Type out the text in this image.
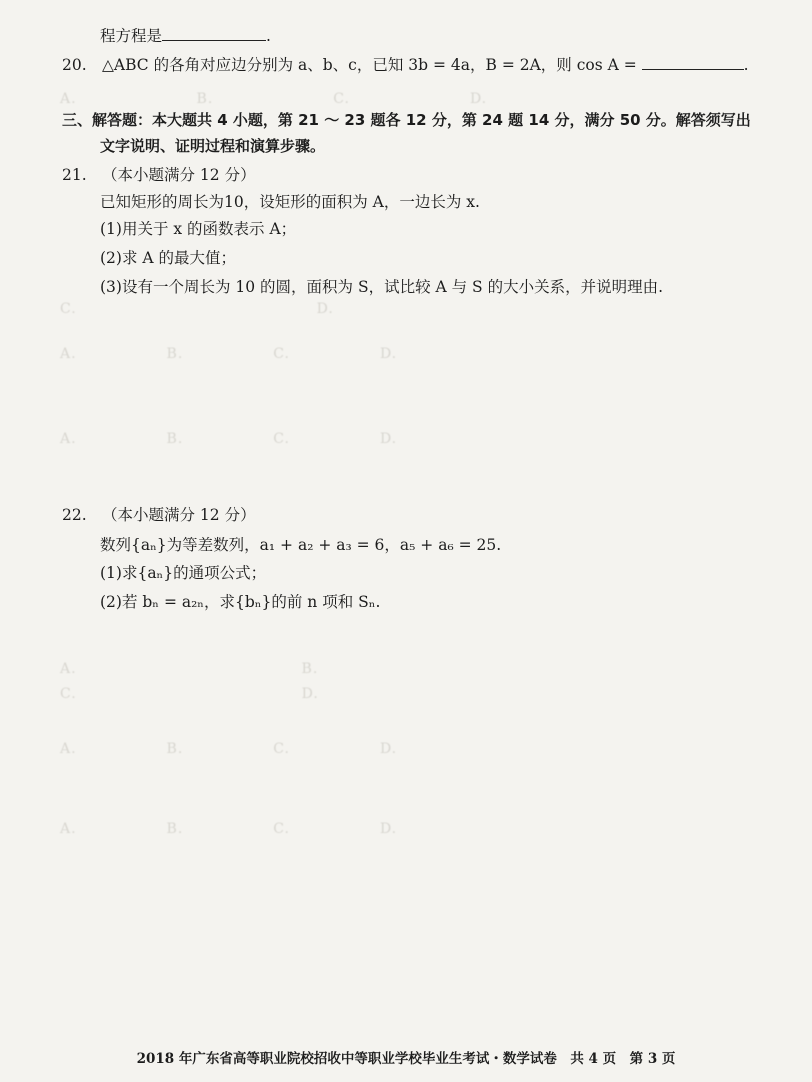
A.　　　　　　　　B.　　　　　　　　C.　　　　　　　　D.

C.　　　　　　　　　　　　　　　　D.
A.　　　　　　B.　　　　　　C.　　　　　　D.
A.　　　　　　B.　　　　　　C.　　　　　　D.

A.　　　　　　　　　　　　　　　B.
C.　　　　　　　　　　　　　　　D.
A.　　　　　　B.　　　　　　C.　　　　　　D.
A.　　　　　　B.　　　　　　C.　　　　　　D.

程方程是	.
20. △ABC 的各角对应边分别为 a、b、c，已知 3b = 4a，B = 2A，则 cos A =	.
三、解答题：本大题共 4 小题，第 21 ～ 23 题各 12 分，第 24 题 14 分，满分 50 分。解答须写出
文字说明、证明过程和演算步骤。
21. （本小题满分 12 分）
已知矩形的周长为10，设矩形的面积为 A，一边长为 x.
(1)用关于 x 的函数表示 A；
(2)求 A 的最大值；
(3)设有一个周长为 10 的圆，面积为 S，试比较 A 与 S 的大小关系，并说明理由.
22. （本小题满分 12 分）
数列{aₙ}为等差数列，a₁ + a₂ + a₃ = 6，a₅ + a₆ = 25.
(1)求{aₙ}的通项公式；
(2)若 bₙ = a₂ₙ，求{bₙ}的前 n 项和 Sₙ.
2018 年广东省高等职业院校招收中等职业学校毕业生考试・数学试卷　共 4 页　第 3 页
